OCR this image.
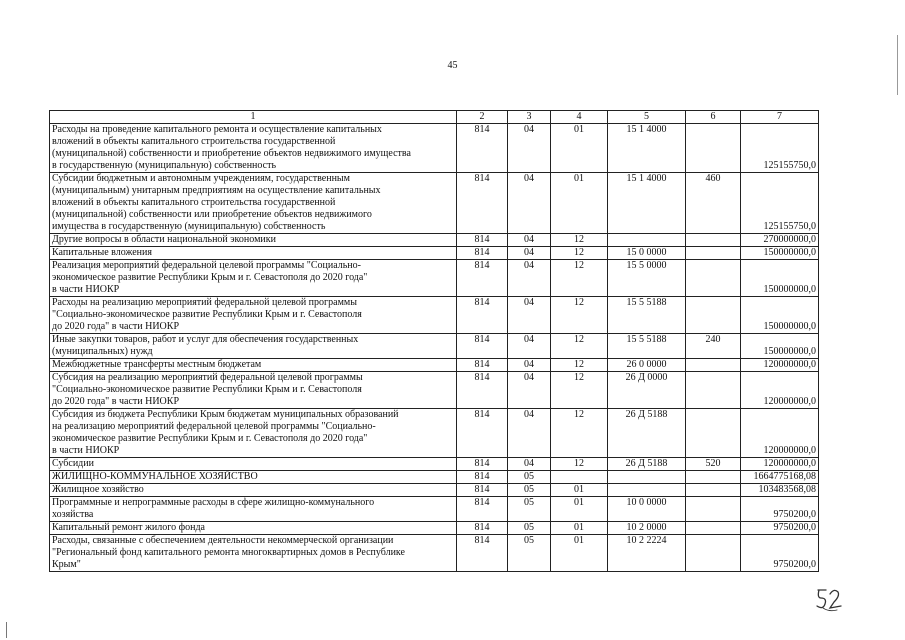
45
1	2	3	4	5	6	7

Расходы на проведение капитального ремонта и осуществление капитальных
вложений в объекты капитального строительства государственной
(муниципальной) собственности и приобретение объектов недвижимого имущества
в государственную (муниципальную) собственность	814	04	01	15 1 4000		125155750,0

Субсидии бюджетным и автономным учреждениям, государственным
(муниципальным) унитарным предприятиям на осуществление капитальных
вложений в объекты капитального строительства государственной
(муниципальной) собственности или приобретение объектов недвижимого
имущества в государственную (муниципальную) собственность	814	04	01	15 1 4000	460	125155750,0

Другие вопросы в области национальной экономики	814	04	12			270000000,0

Капитальные вложения	814	04	12	15 0 0000		150000000,0

Реализация мероприятий федеральной целевой программы "Социально-
экономическое развитие Республики Крым и г. Севастополя до 2020 года"
в части НИОКР	814	04	12	15 5 0000		150000000,0

Расходы на реализацию мероприятий федеральной целевой программы
"Социально-экономическое развитие Республики Крым и г. Севастополя
до 2020 года" в части НИОКР	814	04	12	15 5 5188		150000000,0

Иные закупки товаров, работ и услуг для обеспечения государственных
(муниципальных) нужд	814	04	12	15 5 5188	240	150000000,0

Межбюджетные трансферты местным бюджетам	814	04	12	26 0 0000		120000000,0

Субсидия на реализацию мероприятий федеральной целевой программы
"Социально-экономическое развитие Республики Крым и г. Севастополя
до 2020 года" в части НИОКР	814	04	12	26 Д 0000		120000000,0

Субсидия из бюджета Республики Крым бюджетам муниципальных образований
на реализацию мероприятий федеральной целевой программы "Социально-
экономическое развитие Республики Крым и г. Севастополя до 2020 года"
в части НИОКР	814	04	12	26 Д 5188		120000000,0

Субсидии	814	04	12	26 Д 5188	520	120000000,0

ЖИЛИЩНО-КОММУНАЛЬНОЕ ХОЗЯЙСТВО	814	05				1664775168,08

Жилищное хозяйство	814	05	01			103483568,08

Программные и непрограммные расходы в сфере жилищно-коммунального
хозяйства	814	05	01	10 0 0000		9750200,0

Капитальный ремонт жилого фонда	814	05	01	10 2 0000		9750200,0

Расходы, связанные с обеспечением деятельности некоммерческой организации
"Региональный фонд капитального ремонта многоквартирных домов в Республике
Крым"	814	05	01	10 2 2224		9750200,0
